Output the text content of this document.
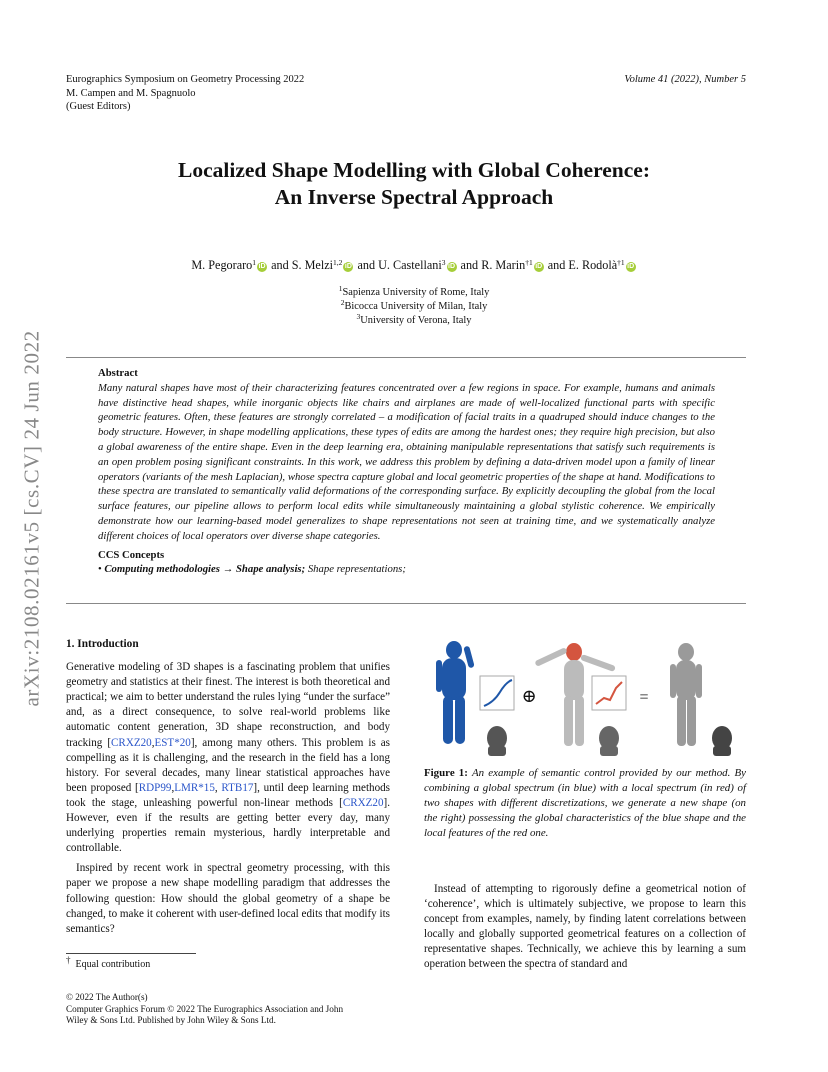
Eurographics Symposium on Geometry Processing 2022
M. Campen and M. Spagnuolo
(Guest Editors)
Volume 41 (2022), Number 5
Localized Shape Modelling with Global Coherence:
An Inverse Spectral Approach
M. Pegoraro$^1$ iD and S. Melzi$^{1,2}$ iD and U. Castellani$^3$ iD and R. Marin$^{\dagger 1}$ iD and E. Rodolà$^{\dagger 1}$ iD
$^1$Sapienza University of Rome, Italy
$^2$Bicocca University of Milan, Italy
$^3$University of Verona, Italy
Abstract
Many natural shapes have most of their characterizing features concentrated over a few regions in space. For example, humans and animals have distinctive head shapes, while inorganic objects like chairs and airplanes are made of well-localized functional parts with specific geometric features. Often, these features are strongly correlated – a modification of facial traits in a quadruped should induce changes to the body structure. However, in shape modelling applications, these types of edits are among the hardest ones; they require high precision, but also a global awareness of the entire shape. Even in the deep learning era, obtaining manipulable representations that satisfy such requirements is an open problem posing significant constraints. In this work, we address this problem by defining a data-driven model upon a family of linear operators (variants of the mesh Laplacian), whose spectra capture global and local geometric properties of the shape at hand. Modifications to these spectra are translated to semantically valid deformations of the corresponding surface. By explicitly decoupling the global from the local surface features, our pipeline allows to perform local edits while simultaneously maintaining a global stylistic coherence. We empirically demonstrate how our learning-based model generalizes to shape representations not seen at training time, and we systematically analyze different choices of local operators over diverse shape categories.
CCS Concepts
• Computing methodologies → Shape analysis; Shape representations;
arXiv:2108.02161v5 [cs.CV] 24 Jun 2022 1. Introduction

Generative modeling of 3D shapes is a fascinating problem that unifies geometry and statistics at their finest. The interest is both theoretical and practical; we aim to better understand the rules lying “under the surface” and, as a direct consequence, to solve real-world problems like automatic content generation, 3D shape reconstruction, and body tracking [CRXZ20,EST*20], among many others. This problem is as compelling as it is challenging, and the research in the field has a long history. For several decades, many linear statistical approaches have been proposed [RDP99,LMR*15, RTB17], until deep learning methods took the stage, unleashing powerful non-linear methods [CRXZ20]. However, even if the results are getting better every day, many underlying properties remain mysterious, hardly interpretable and controllable.

Inspired by recent work in spectral geometry processing, with this paper we propose a new shape modelling paradigm that addresses the following question: How should the global geometry of a shape be changed, to make it coherent with user-defined local edits that modify its semantics?

† Equal contribution
© 2022 The Author(s)
Computer Graphics Forum © 2022 The Eurographics Association and John
Wiley & Sons Ltd. Published by John Wiley & Sons Ltd.
⊕	=
Figure 1: An example of semantic control provided by our method. By combining a global spectrum (in blue) with a local spectrum (in red) of two shapes with different discretizations, we generate a new shape (on the right) possessing the global characteristics of the blue shape and the local features of the red one.

Instead of attempting to rigorously define a geometrical notion of ‘coherence’, which is ultimately subjective, we propose to learn this concept from examples, namely, by finding latent correlations between locally and globally supported geometrical features on a collection of representative shapes. Technically, we achieve this by learning a sum operation between the spectra of standard and
